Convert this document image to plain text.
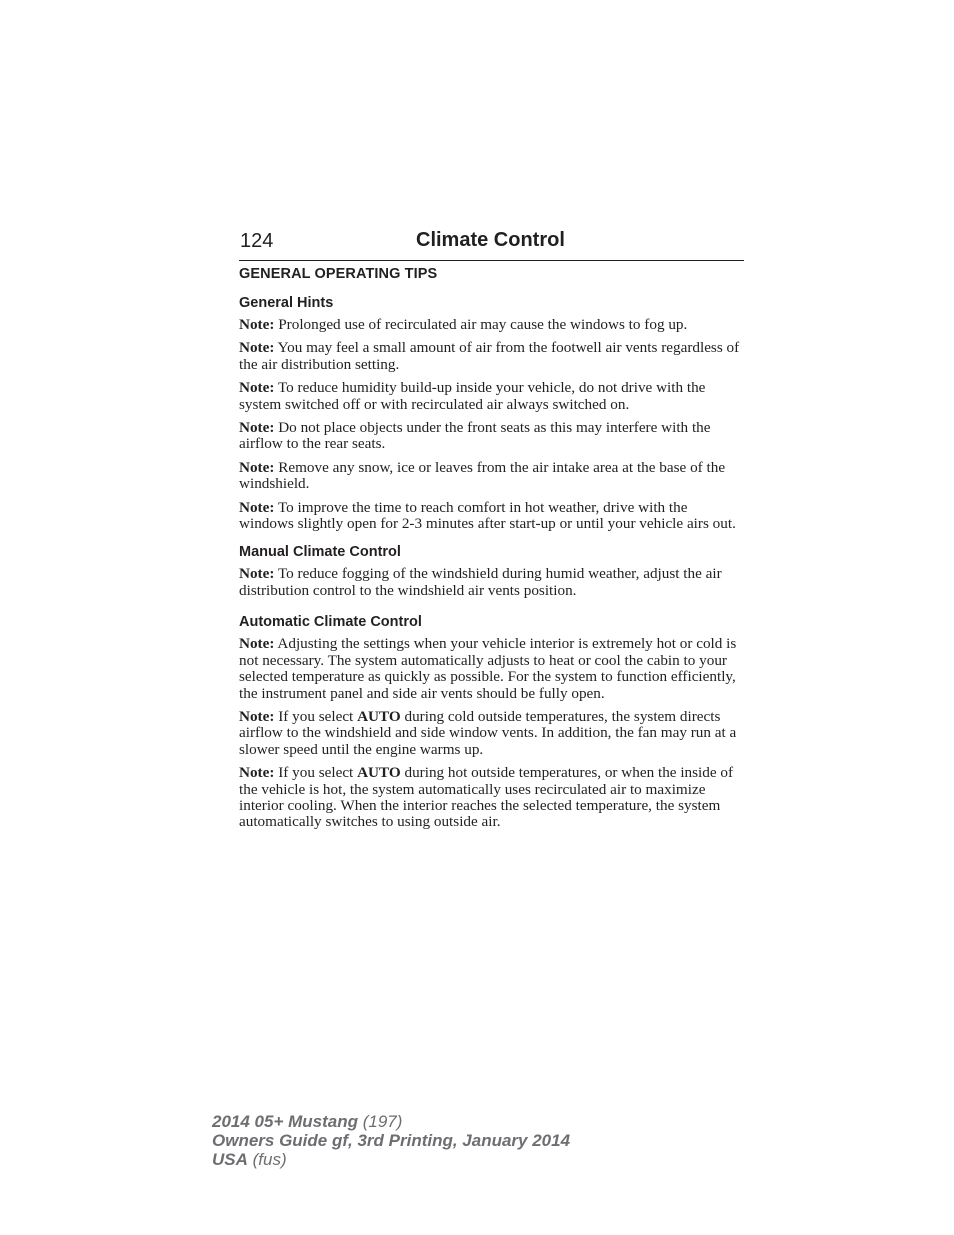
124	Climate Control
GENERAL OPERATING TIPS
General Hints

Note: Prolonged use of recirculated air may cause the windows to fog up.

Note: You may feel a small amount of air from the footwell air vents regardless of the air distribution setting.

Note: To reduce humidity build-up inside your vehicle, do not drive with the system switched off or with recirculated air always switched on.

Note: Do not place objects under the front seats as this may interfere with the airflow to the rear seats.

Note: Remove any snow, ice or leaves from the air intake area at the base of the windshield.

Note: To improve the time to reach comfort in hot weather, drive with the windows slightly open for 2-3 minutes after start-up or until your vehicle airs out.

Manual Climate Control

Note: To reduce fogging of the windshield during humid weather, adjust the air distribution control to the windshield air vents position.

Automatic Climate Control

Note: Adjusting the settings when your vehicle interior is extremely hot or cold is not necessary. The system automatically adjusts to heat or cool the cabin to your selected temperature as quickly as possible. For the system to function efficiently, the instrument panel and side air vents should be fully open.

Note: If you select AUTO during cold outside temperatures, the system directs airflow to the windshield and side window vents. In addition, the fan may run at a slower speed until the engine warms up.

Note: If you select AUTO during hot outside temperatures, or when the inside of the vehicle is hot, the system automatically uses recirculated air to maximize interior cooling. When the interior reaches the selected temperature, the system automatically switches to using outside air.

2014 05+ Mustang (197)
Owners Guide gf, 3rd Printing, January 2014
USA (fus)
